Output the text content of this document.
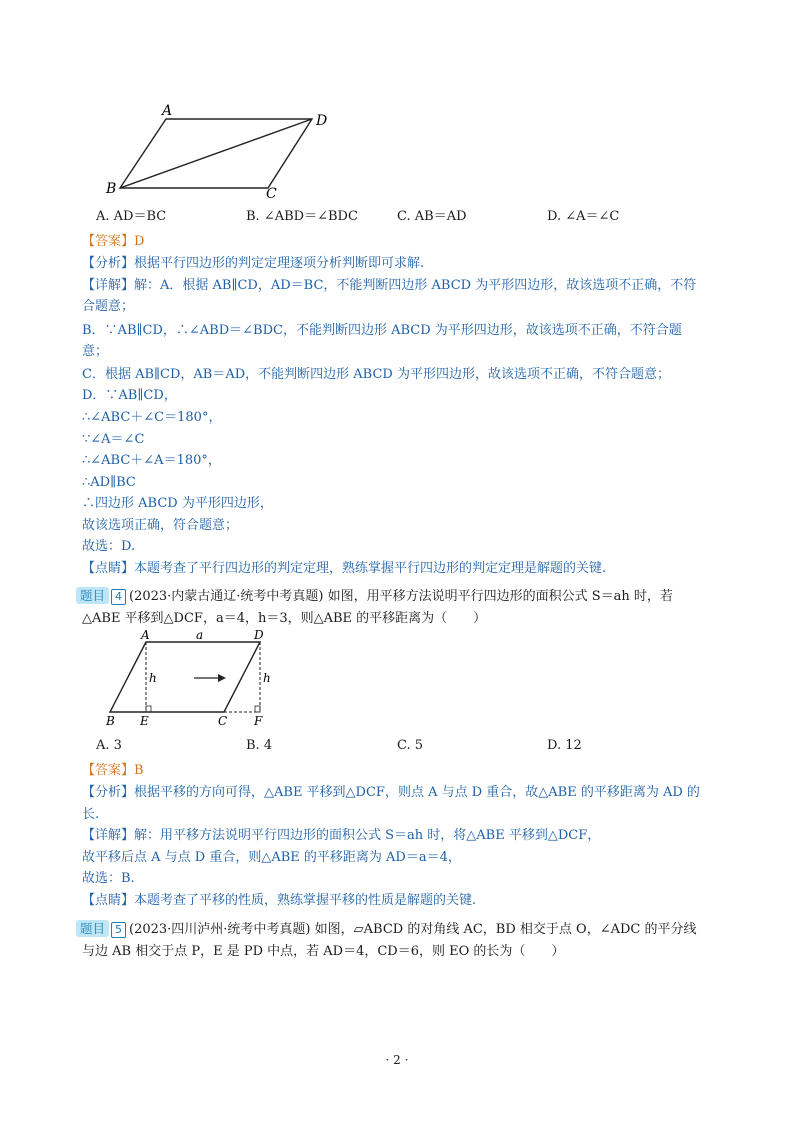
A
D
B	C
A. AD＝BC	B. ∠ABD＝∠BDC	C. AB＝AD	D. ∠A＝∠C
【答案】D
【分析】根据平行四边形的判定定理逐项分析判断即可求解.
【详解】解：A．根据 AB∥CD，AD＝BC，不能判断四边形 ABCD 为平形四边形，故该选项不正确，不符
合题意；
B．∵AB∥CD，∴∠ABD＝∠BDC，不能判断四边形 ABCD 为平形四边形，故该选项不正确，不符合题
意；
C．根据 AB∥CD，AB＝AD，不能判断四边形 ABCD 为平形四边形，故该选项不正确，不符合题意；
D．∵AB∥CD，
∴∠ABC＋∠C＝180°，
∵∠A＝∠C
∴∠ABC＋∠A＝180°，
∴AD∥BC
∴四边形 ABCD 为平形四边形，
故该选项正确，符合题意；
故选：D.
【点睛】本题考查了平行四边形的判定定理，熟练掌握平行四边形的判定定理是解题的关键.
题目 4 (2023·内蒙古通辽·统考中考真题) 如图，用平移方法说明平行四边形的面积公式 S＝ah 时，若
△ABE 平移到△DCF，a＝4，h＝3，则△ABE 的平移距离为（　　）
A	D
B E	C F
a
h	h
A. 3	B. 4	C. 5	D. 12
【答案】B
【分析】根据平移的方向可得，△ABE 平移到△DCF，则点 A 与点 D 重合，故△ABE 的平移距离为 AD 的
长.
【详解】解：用平移方法说明平行四边形的面积公式 S＝ah 时，将△ABE 平移到△DCF，
故平移后点 A 与点 D 重合，则△ABE 的平移距离为 AD＝a＝4，
故选：B.
【点睛】本题考查了平移的性质，熟练掌握平移的性质是解题的关键.
题目 5 (2023·四川泸州·统考中考真题) 如图，▱ABCD 的对角线 AC，BD 相交于点 O，∠ADC 的平分线
与边 AB 相交于点 P，E 是 PD 中点，若 AD＝4，CD＝6，则 EO 的长为（　　）
· 2 ·
